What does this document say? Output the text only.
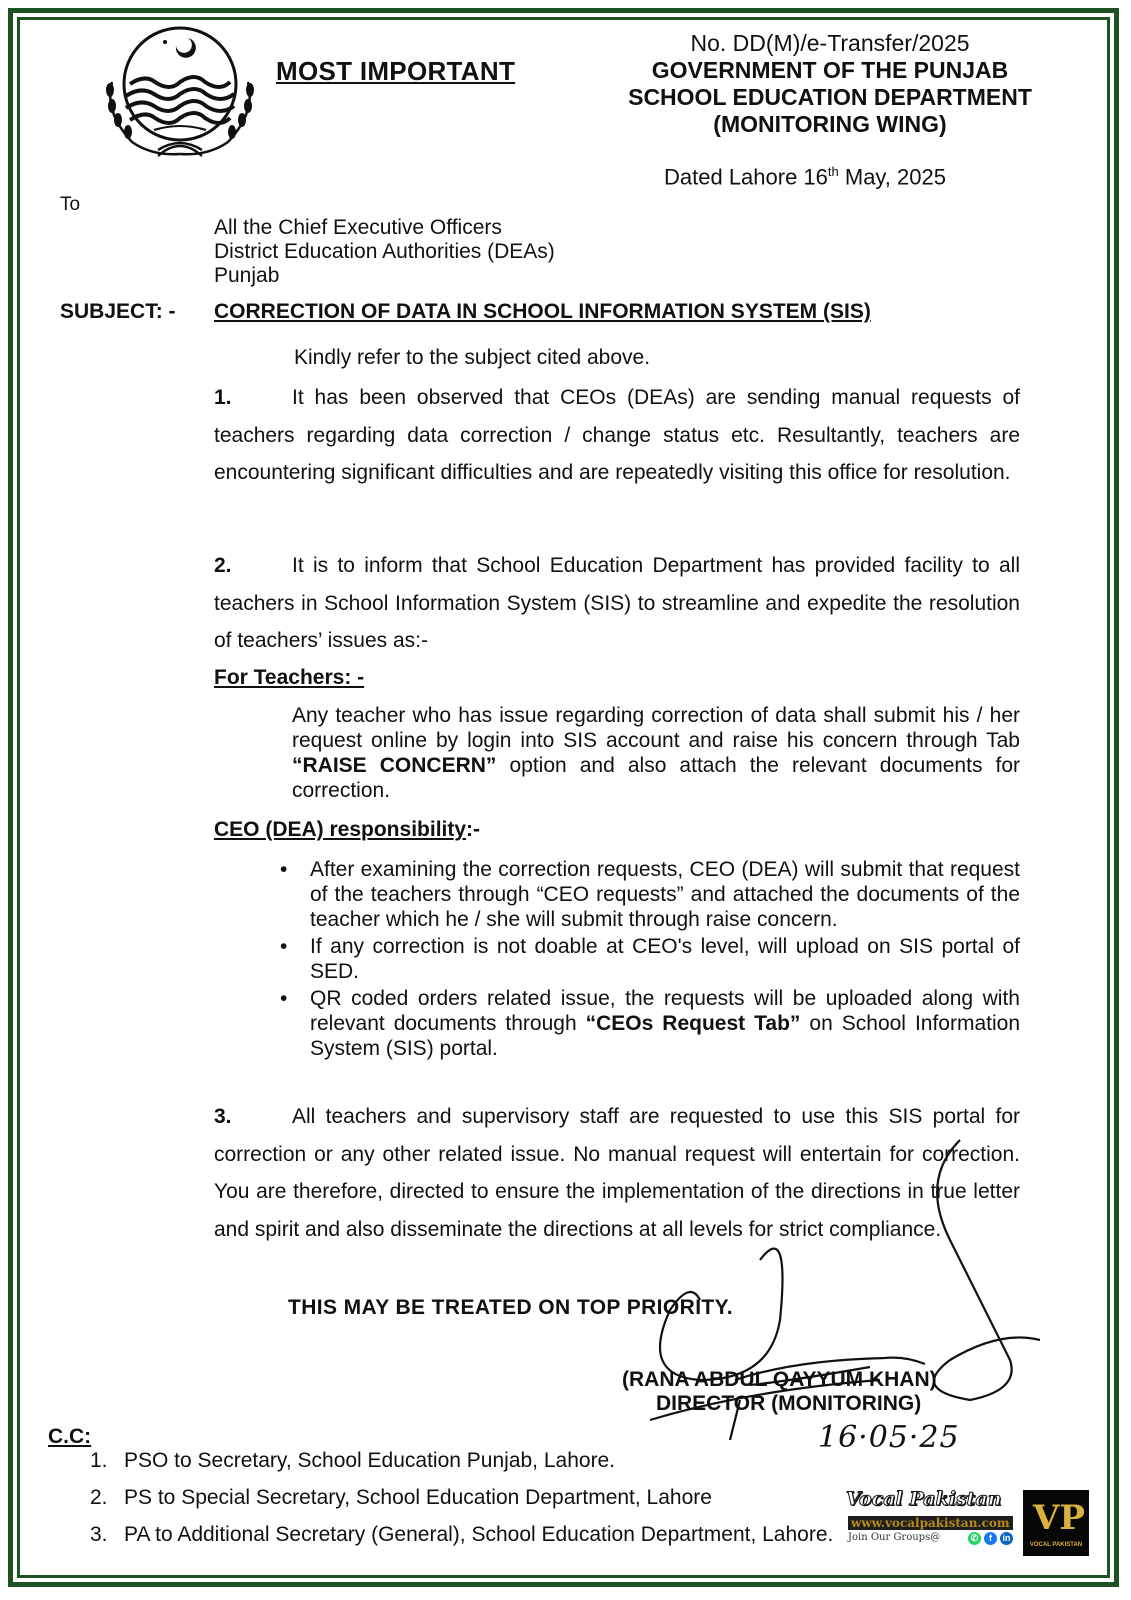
MOST IMPORTANT
No. DD(M)/e-Transfer/2025
GOVERNMENT OF THE PUNJAB
SCHOOL EDUCATION DEPARTMENT
(MONITORING WING)
Dated Lahore 16th May, 2025
To
All the Chief Executive Officers
District Education Authorities (DEAs)
Punjab
SUBJECT: - CORRECTION OF DATA IN SCHOOL INFORMATION SYSTEM (SIS)
Kindly refer to the subject cited above.
1.	It has been observed that CEOs (DEAs) are sending manual requests of teachers regarding data correction / change status etc. Resultantly, teachers are encountering significant difficulties and are repeatedly visiting this office for resolution.
2.	It is to inform that School Education Department has provided facility to all teachers in School Information System (SIS) to streamline and expedite the resolution of teachers’ issues as:-
For Teachers: -
Any teacher who has issue regarding correction of data shall submit his / her request online by login into SIS account and raise his concern through Tab “RAISE CONCERN” option and also attach the relevant documents for correction.
CEO (DEA) responsibility:-
• After examining the correction requests, CEO (DEA) will submit that request of the teachers through “CEO requests” and attached the documents of the teacher which he / she will submit through raise concern.
• If any correction is not doable at CEO's level, will upload on SIS portal of SED.
• QR coded orders related issue, the requests will be uploaded along with relevant documents through “CEOs Request Tab” on School Information System (SIS) portal.
3.	All teachers and supervisory staff are requested to use this SIS portal for correction or any other related issue. No manual request will entertain for correction. You are therefore, directed to ensure the implementation of the directions in true letter and spirit and also disseminate the directions at all levels for strict compliance.
THIS MAY BE TREATED ON TOP PRIORITY.
(RANA ABDUL QAYYUM KHAN)
DIRECTOR (MONITORING)
16·05·25
C.C:
1. PSO to Secretary, School Education Punjab, Lahore.
2. PS to Special Secretary, School Education Department, Lahore
3. PA to Additional Secretary (General), School Education Department, Lahore.
Vocal Pakistan
www.vocalpakistan.com
Join Our Groups@	✆	f	in VP
VOCAL PAKISTAN
